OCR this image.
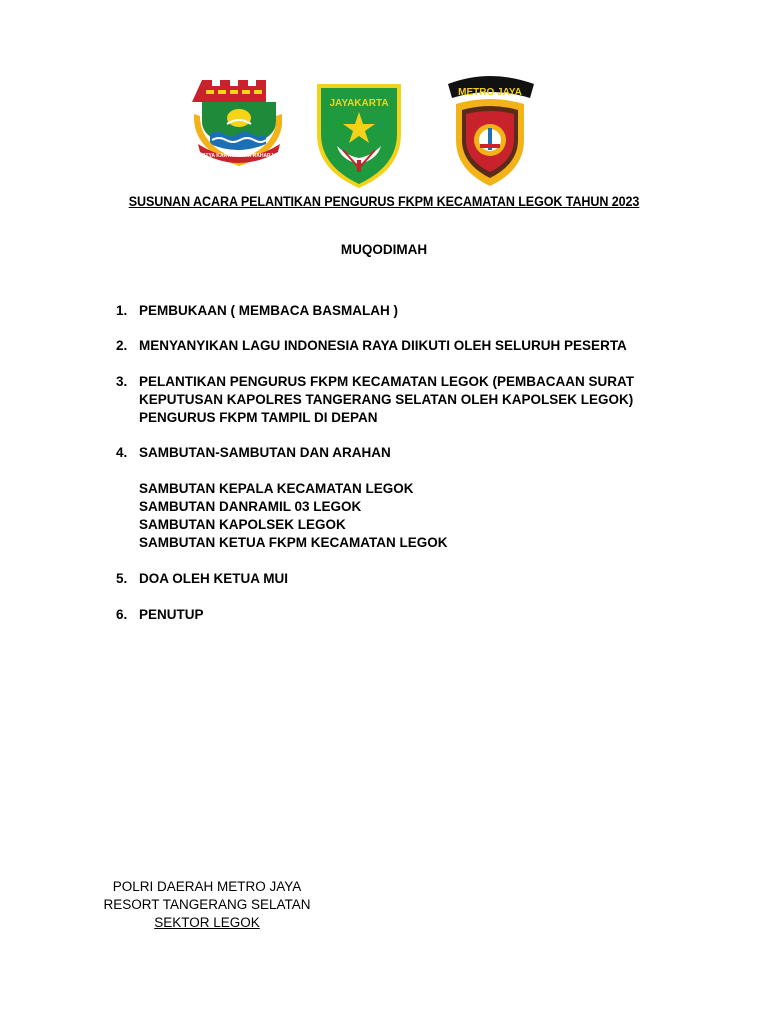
SATYA KARYA KERTA RAHARJA
JAYAKARTA
METRO JAYA
SUSUNAN ACARA PELANTIKAN PENGURUS FKPM KECAMATAN LEGOK TAHUN 2023
MUQODIMAH
1. PEMBUKAAN ( MEMBACA BASMALAH )
2. MENYANYIKAN LAGU INDONESIA RAYA DIIKUTI OLEH SELURUH PESERTA
3. PELANTIKAN PENGURUS FKPM KECAMATAN LEGOK (PEMBACAAN SURAT
KEPUTUSAN KAPOLRES TANGERANG SELATAN OLEH KAPOLSEK LEGOK)
PENGURUS FKPM TAMPIL DI DEPAN
4. SAMBUTAN-SAMBUTAN DAN ARAHAN
SAMBUTAN KEPALA KECAMATAN LEGOK
SAMBUTAN DANRAMIL 03 LEGOK
SAMBUTAN KAPOLSEK LEGOK
SAMBUTAN KETUA FKPM KECAMATAN LEGOK
5. DOA OLEH KETUA MUI
6. PENUTUP
POLRI DAERAH METRO JAYA
RESORT TANGERANG SELATAN
SEKTOR LEGOK
